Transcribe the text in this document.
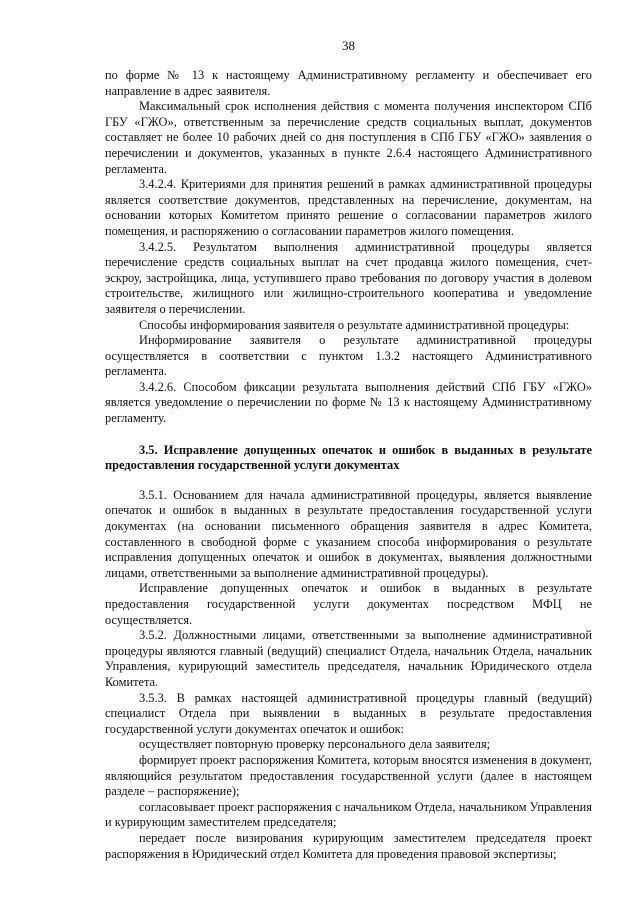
38

по форме № 13 к настоящему Административному регламенту и обеспечивает его направление в адрес заявителя.

Максимальный срок исполнения действия с момента получения инспектором СПб ГБУ «ГЖО», ответственным за перечисление средств социальных выплат, документов составляет не более 10 рабочих дней со дня поступления в СПб ГБУ «ГЖО» заявления о перечислении и документов, указанных в пункте 2.6.4 настоящего Административного регламента.

3.4.2.4. Критериями для принятия решений в рамках административной процедуры является соответствие документов, представленных на перечисление, документам, на основании которых Комитетом принято решение о согласовании параметров жилого помещения, и распоряжению о согласовании параметров жилого помещения.

3.4.2.5. Результатом выполнения административной процедуры является перечисление средств социальных выплат на счет продавца жилого помещения, счет-эскроу, застройщика, лица, уступившего право требования по договору участия в долевом строительстве, жилищного или жилищно-строительного кооператива и уведомление заявителя о перечислении.

Способы информирования заявителя о результате административной процедуры:

Информирование заявителя о результате административной процедуры осуществляется в соответствии с пунктом 1.3.2 настоящего Административного регламента.

3.4.2.6. Способом фиксации результата выполнения действий СПб ГБУ «ГЖО» является уведомление о перечислении по форме № 13 к настоящему Административному регламенту.

3.5. Исправление допущенных опечаток и ошибок в выданных в результате предоставления государственной услуги документах

3.5.1. Основанием для начала административной процедуры, является выявление опечаток и ошибок в выданных в результате предоставления государственной услуги документах (на основании письменного обращения заявителя в адрес Комитета, составленного в свободной форме с указанием способа информирования о результате исправления допущенных опечаток и ошибок в документах, выявления должностными лицами, ответственными за выполнение административной процедуры).

Исправление допущенных опечаток и ошибок в выданных в результате предоставления государственной услуги документах посредством МФЦ не осуществляется.

3.5.2. Должностными лицами, ответственными за выполнение административной процедуры являются главный (ведущий) специалист Отдела, начальник Отдела, начальник Управления, курирующий заместитель председателя, начальник Юридического отдела Комитета.

3.5.3. В рамках настоящей административной процедуры главный (ведущий) специалист Отдела при выявлении в выданных в результате предоставления государственной услуги документах опечаток и ошибок:

осуществляет повторную проверку персонального дела заявителя;

формирует проект распоряжения Комитета, которым вносятся изменения в документ, являющийся результатом предоставления государственной услуги (далее в настоящем разделе – распоряжение);

согласовывает проект распоряжения с начальником Отдела, начальником Управления и курирующим заместителем председателя;

передает после визирования курирующим заместителем председателя проект распоряжения в Юридический отдел Комитета для проведения правовой экспертизы;
